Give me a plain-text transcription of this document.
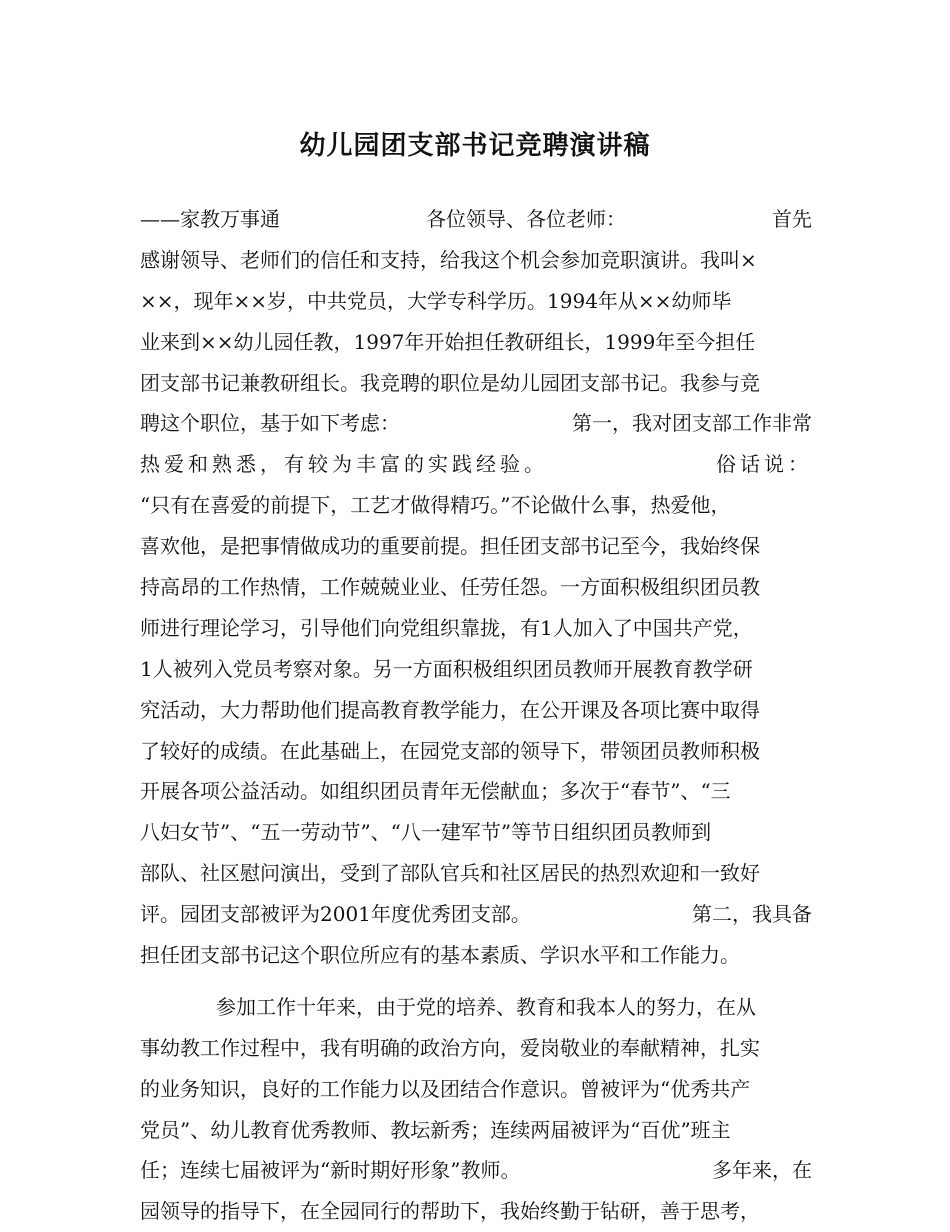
幼儿园团支部书记竞聘演讲稿
——家教万事通	各位领导、各位老师：	首先
感谢领导、老师们的信任和支持，给我这个机会参加竞职演讲。我叫×
××，现年××岁，中共党员，大学专科学历。1994年从××幼师毕
业来到××幼儿园任教，1997年开始担任教研组长，1999年至今担任
团支部书记兼教研组长。我竞聘的职位是幼儿园团支部书记。我参与竞
聘这个职位，基于如下考虑：	第一，我对团支部工作非常
热爱和熟悉，有较为丰富的实践经验。	俗话说：
“只有在喜爱的前提下，工艺才做得精巧。”不论做什么事，热爱他，
喜欢他，是把事情做成功的重要前提。担任团支部书记至今，我始终保
持高昂的工作热情，工作兢兢业业、任劳任怨。一方面积极组织团员教
师进行理论学习，引导他们向党组织靠拢，有1人加入了中国共产党，
1人被列入党员考察对象。另一方面积极组织团员教师开展教育教学研
究活动，大力帮助他们提高教育教学能力，在公开课及各项比赛中取得
了较好的成绩。在此基础上，在园党支部的领导下，带领团员教师积极
开展各项公益活动。如组织团员青年无偿献血；多次于“春节”、“三
八妇女节”、“五一劳动节”、“八一建军节”等节日组织团员教师到
部队、社区慰问演出，受到了部队官兵和社区居民的热烈欢迎和一致好
评。园团支部被评为2001年度优秀团支部。	第二，我具备
担任团支部书记这个职位所应有的基本素质、学识水平和工作能力。
参加工作十年来，由于党的培养、教育和我本人的努力，在从
事幼教工作过程中，我有明确的政治方向，爱岗敬业的奉献精神，扎实
的业务知识，良好的工作能力以及团结合作意识。曾被评为“优秀共产
党员”、幼儿教育优秀教师、教坛新秀；连续两届被评为“百优”班主
任；连续七届被评为“新时期好形象”教师。	多年来，在
园领导的指导下，在全园同行的帮助下，我始终勤于钻研，善于思考，
